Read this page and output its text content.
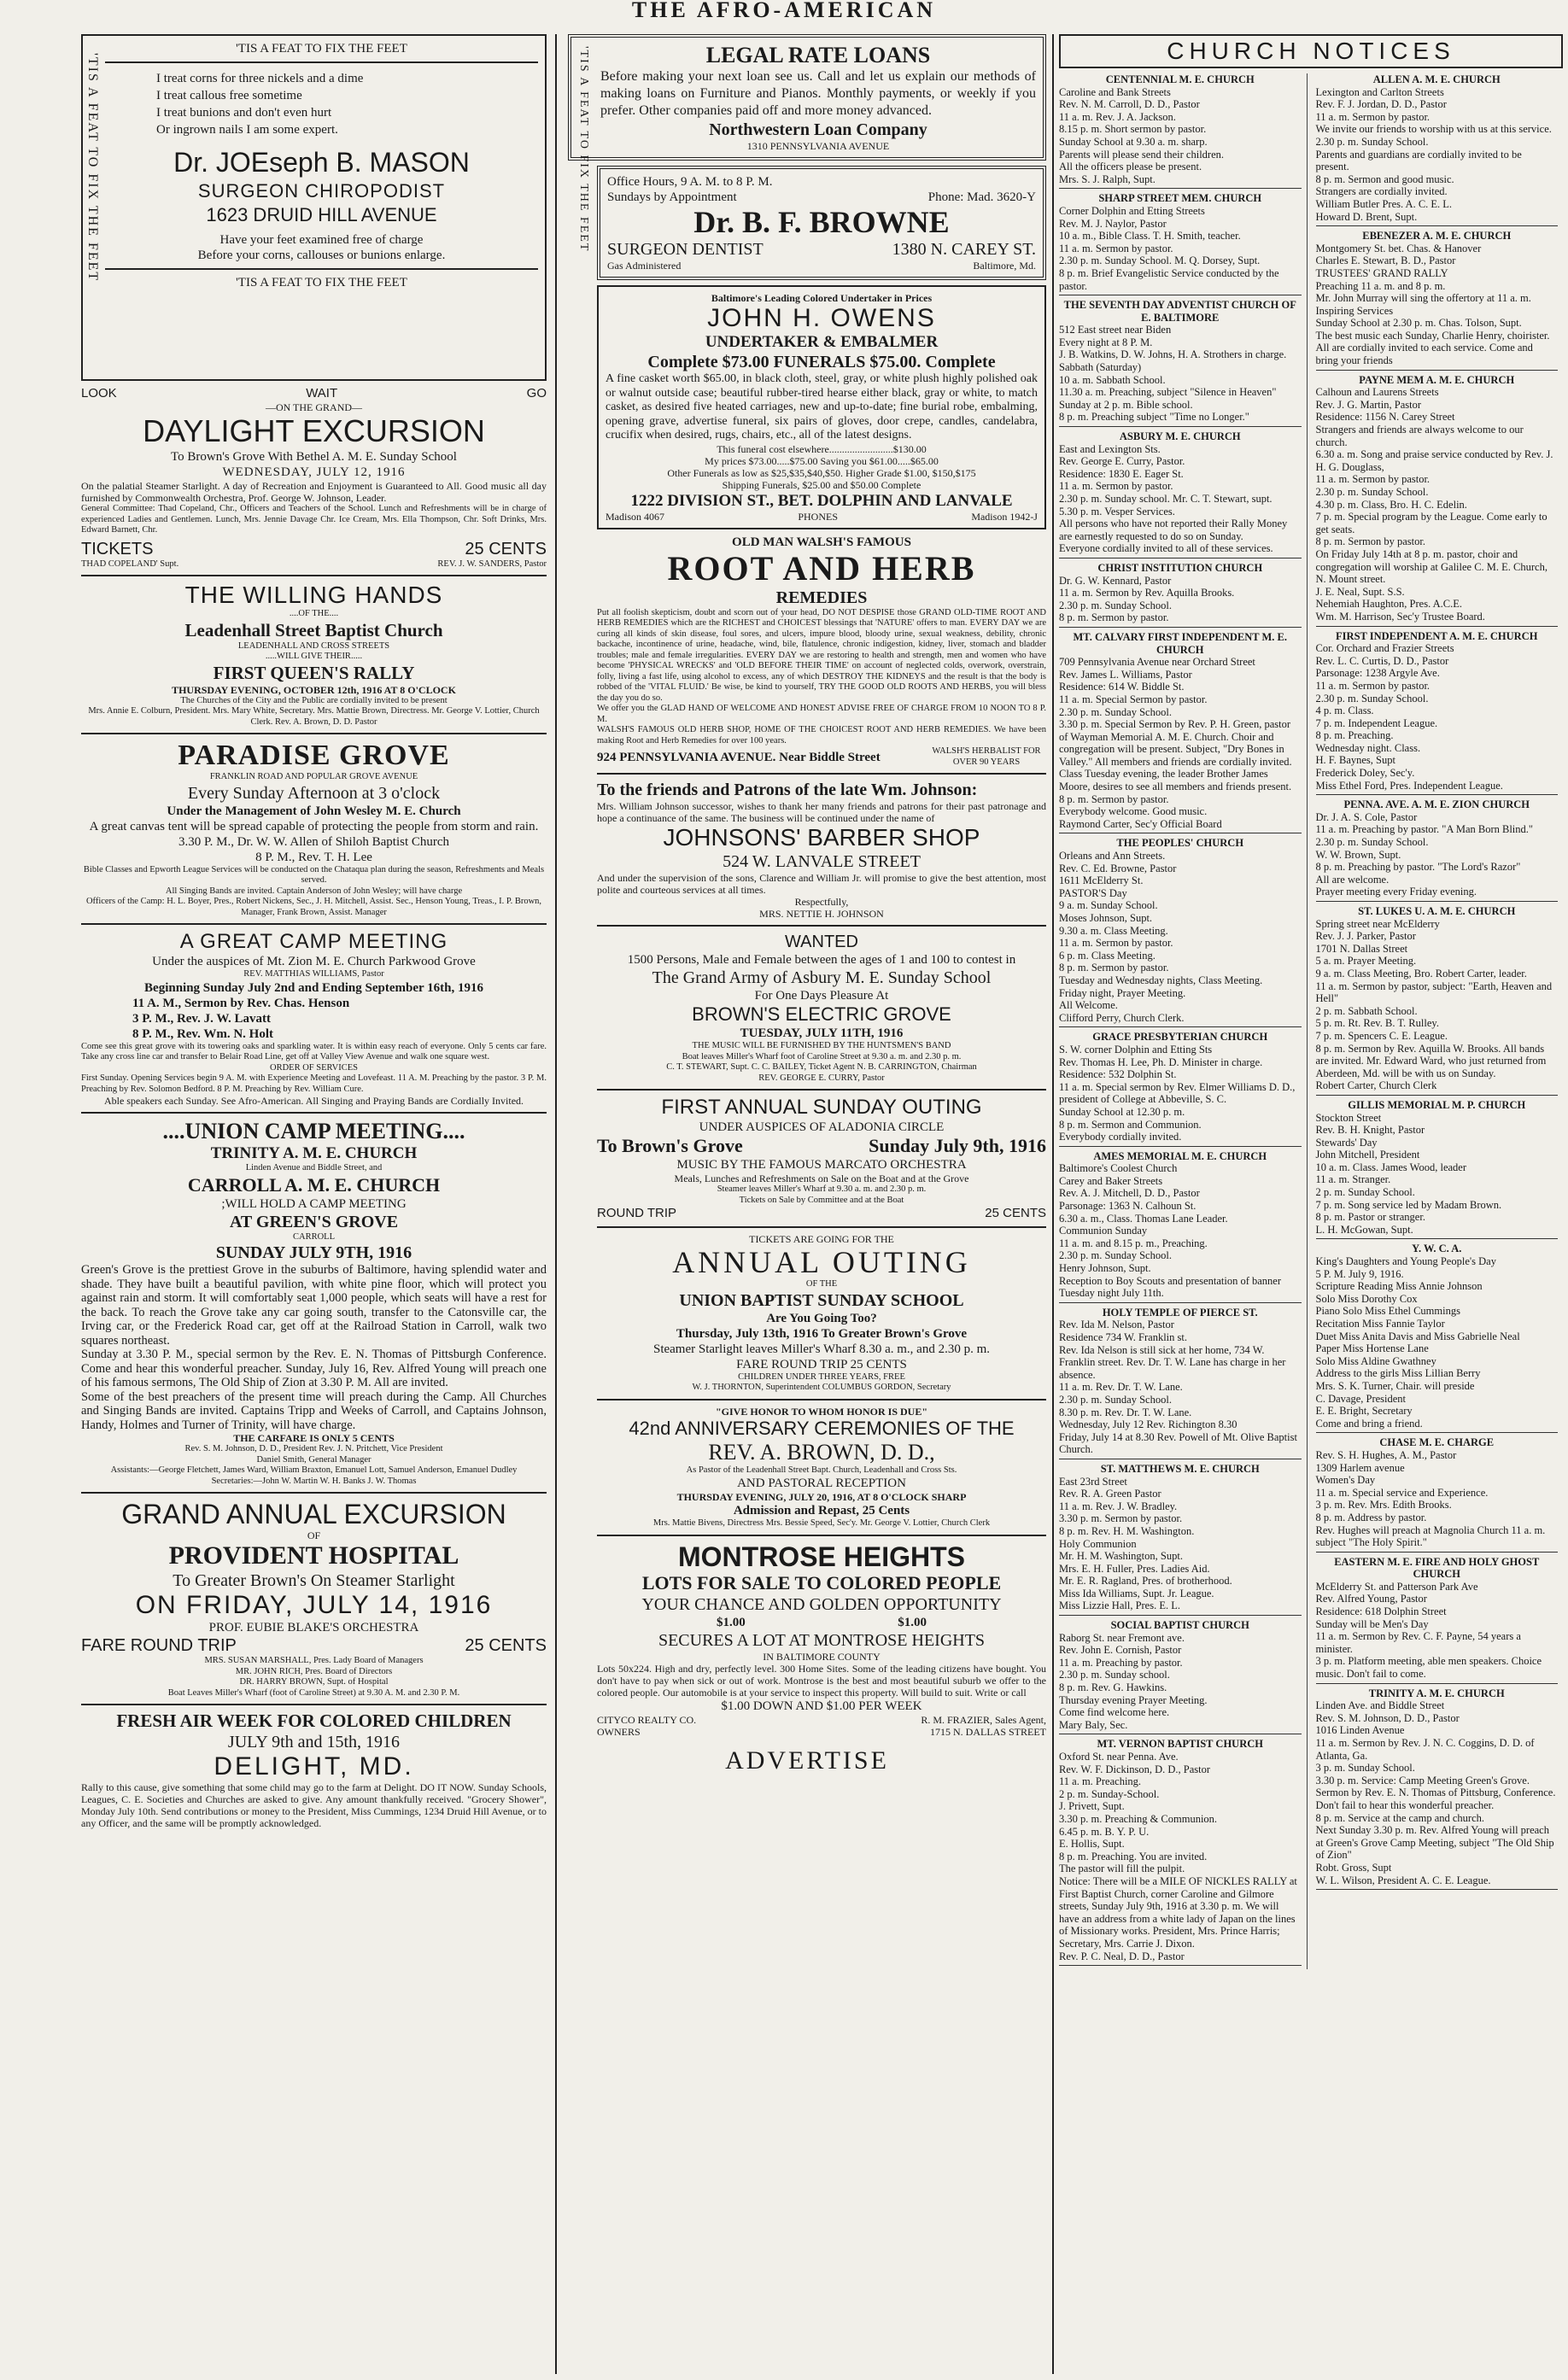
THE AFRO-AMERICAN
'TIS A FEAT TO FIX THE FEET
'TIS A FEAT TO FIX THE FEET
I treat corns for three nickels and a dime
I treat callous free sometime
I treat bunions and don't even hurt
Or ingrown nails I am some expert.
Dr. JOEseph B. MASON
SURGEON CHIROPODIST
1623 DRUID HILL AVENUE
Have your feet examined free of charge
Before your corns, callouses or bunions enlarge.
'TIS A FEAT TO FIX THE FEET
LOOK	WAIT	GO
—ON THE GRAND—
DAYLIGHT EXCURSION
To Brown's Grove With Bethel A. M. E. Sunday School
WEDNESDAY, JULY 12, 1916
On the palatial Steamer Starlight. A day of Recreation and Enjoyment is Guaranteed to All. Good music all day furnished by Commonwealth Orchestra, Prof. George W. Johnson, Leader.
General Committee: Thad Copeland, Chr., Officers and Teachers of the School. Lunch and Refreshments will be in charge of experienced Ladies and Gentlemen. Lunch, Mrs. Jennie Davage Chr. Ice Cream, Mrs. Ella Thompson, Chr. Soft Drinks, Mrs. Edward Barnett, Chr.
TICKETS	25 CENTS
THAD COPELAND' Supt.	REV. J. W. SANDERS, Pastor
THE WILLING HANDS
....OF THE....
Leadenhall Street Baptist Church
LEADENHALL AND CROSS STREETS
.....WILL GIVE THEIR.....
FIRST QUEEN'S RALLY
THURSDAY EVENING, OCTOBER 12th, 1916 AT 8 O'CLOCK
The Churches of the City and the Public are cordially invited to be present
Mrs. Annie E. Colburn, President. Mrs. Mary White, Secretary. Mrs. Mattie Brown, Directress. Mr. George V. Lottier, Church Clerk. Rev. A. Brown, D. D. Pastor
PARADISE GROVE
FRANKLIN ROAD AND POPULAR GROVE AVENUE
Every Sunday Afternoon at 3 o'clock
Under the Management of John Wesley M. E. Church
A great canvas tent will be spread capable of protecting the people from storm and rain.
3.30 P. M., Dr. W. W. Allen of Shiloh Baptist Church
8 P. M., Rev. T. H. Lee
Bible Classes and Epworth League Services will be conducted on the Chataqua plan during the season, Refreshments and Meals served.
All Singing Bands are invited. Captain Anderson of John Wesley; will have charge
Officers of the Camp: H. L. Boyer, Pres., Robert Nickens, Sec., J. H. Mitchell, Assist. Sec., Henson Young, Treas., I. P. Brown, Manager, Frank Brown, Assist. Manager
A GREAT CAMP MEETING
Under the auspices of Mt. Zion M. E. Church Parkwood Grove
REV. MATTHIAS WILLIAMS, Pastor
Beginning Sunday July 2nd and Ending September 16th, 1916
11 A. M., Sermon by Rev. Chas. Henson
3 P. M., Rev. J. W. Lavatt
8 P. M., Rev. Wm. N. Holt
Come see this great grove with its towering oaks and sparkling water. It is within easy reach of everyone. Only 5 cents car fare. Take any cross line car and transfer to Belair Road Line, get off at Valley View Avenue and walk one square west.
ORDER OF SERVICES
First Sunday. Opening Services begin 9 A. M. with Experience Meeting and Lovefeast. 11 A. M. Preaching by the pastor. 3 P. M. Preaching by Rev. Solomon Bedford. 8 P. M. Preaching by Rev. William Cure.
Able speakers each Sunday. See Afro-American. All Singing and Praying Bands are Cordially Invited.
....UNION CAMP MEETING....
TRINITY A. M. E. CHURCH
Linden Avenue and Biddle Street, and
CARROLL A. M. E. CHURCH
;WILL HOLD A CAMP MEETING
AT GREEN'S GROVE
CARROLL
SUNDAY JULY 9TH, 1916
Green's Grove is the prettiest Grove in the suburbs of Baltimore, having splendid water and shade. They have built a beautiful pavilion, with white pine floor, which will protect you against rain and storm. It will comfortably seat 1,000 people, which seats will have a rest for the back. To reach the Grove take any car going south, transfer to the Catonsville car, the Irving car, or the Frederick Road car, get off at the Railroad Station in Carroll, walk two squares northeast.
Sunday at 3.30 P. M., special sermon by the Rev. E. N. Thomas of Pittsburgh Conference. Come and hear this wonderful preacher. Sunday, July 16, Rev. Alfred Young will preach one of his famous sermons, The Old Ship of Zion at 3.30 P. M. All are invited.
Some of the best preachers of the present time will preach during the Camp. All Churches and Singing Bands are invited. Captains Tripp and Weeks of Carroll, and Captains Johnson, Handy, Holmes and Turner of Trinity, will have charge.
THE CARFARE IS ONLY 5 CENTS
Rev. S. M. Johnson, D. D., President Rev. J. N. Pritchett, Vice President
Daniel Smith, General Manager
Assistants:—George Fletchett, James Ward, William Braxton, Emanuel Lott, Samuel Anderson, Emanuel Dudley
Secretaries:—John W. Martin W. H. Banks J. W. Thomas
GRAND ANNUAL EXCURSION
OF
PROVIDENT HOSPITAL
To Greater Brown's On Steamer Starlight
ON FRIDAY, JULY 14, 1916
PROF. EUBIE BLAKE'S ORCHESTRA
FARE ROUND TRIP	25 CENTS
MRS. SUSAN MARSHALL, Pres. Lady Board of Managers
MR. JOHN RICH, Pres. Board of Directors
DR. HARRY BROWN, Supt. of Hospital
Boat Leaves Miller's Wharf (foot of Caroline Street) at 9.30 A. M. and 2.30 P. M.
FRESH AIR WEEK FOR COLORED CHILDREN
JULY 9th and 15th, 1916
DELIGHT, MD.
Rally to this cause, give something that some child may go to the farm at Delight. DO IT NOW. Sunday Schools, Leagues, C. E. Societies and Churches are asked to give. Any amount thankfully received. "Grocery Shower", Monday July 10th. Send contributions or money to the President, Miss Cummings, 1234 Druid Hill Avenue, or to any Officer, and the same will be promptly acknowledged.
'TIS A FEAT TO FIX THE FEET	LEGAL RATE LOANS
Before making your next loan see us. Call and let us explain our methods of making loans on Furniture and Pianos. Monthly payments, or weekly if you prefer. Other companies paid off and more money advanced.
Northwestern Loan Company
1310 PENNSYLVANIA AVENUE
Office Hours, 9 A. M. to 8 P. M.
Sundays by Appointment	Phone: Mad. 3620-Y
Dr. B. F. BROWNE
SURGEON DENTIST	1380 N. CAREY ST.
Gas Administered	Baltimore, Md.
Baltimore's Leading Colored Undertaker in Prices
JOHN H. OWENS
UNDERTAKER & EMBALMER
Complete $73.00 FUNERALS $75.00. Complete
A fine casket worth $65.00, in black cloth, steel, gray, or white plush highly polished oak or walnut outside case; beautiful rubber-tired hearse either black, gray or white, to match casket, as desired five heated carriages, new and up-to-date; fine burial robe, embalming, opening grave, advertise funeral, six pairs of gloves, door crepe, candles, candelabra, crucifix when desired, rugs, chairs, etc., all of the latest designs.
This funeral cost elsewhere.........................$130.00
My prices $73.00.....$75.00 Saving you $61.00.....$65.00
Other Funerals as low as $25,$35,$40,$50. Higher Grade $1.00, $150,$175
Shipping Funerals, $25.00 and $50.00 Complete
1222 DIVISION ST., BET. DOLPHIN AND LANVALE
Madison 4067	PHONES	Madison 1942-J
OLD MAN WALSH'S FAMOUS
ROOT AND HERB
REMEDIES
Put all foolish skepticism, doubt and scorn out of your head, DO NOT DESPISE those GRAND OLD-TIME ROOT AND HERB REMEDIES which are the RICHEST and CHOICEST blessings that 'NATURE' offers to man. EVERY DAY we are curing all kinds of skin disease, foul sores, and ulcers, impure blood, bloody urine, sexual weakness, debility, chronic backache, incontinence of urine, headache, wind, bile, flatulence, chronic indigestion, kidney, liver, stomach and bladder troubles; male and female irregularities. EVERY DAY we are restoring to health and strength, men and women who have become 'PHYSICAL WRECKS' and 'OLD BEFORE THEIR TIME' on account of neglected colds, overwork, overstrain, folly, living a fast life, using alcohol to excess, any of which DESTROY THE KIDNEYS and the result is that the body is robbed of the 'VITAL FLUID.' Be wise, be kind to yourself, TRY THE GOOD OLD ROOTS AND HERBS, you will bless the day you do so.
We offer you the GLAD HAND OF WELCOME AND HONEST ADVISE FREE OF CHARGE FROM 10 NOON TO 8 P. M.
WALSH'S FAMOUS OLD HERB SHOP, HOME OF THE CHOICEST ROOT AND HERB REMEDIES. We have been making Root and Herb Remedies for over 100 years.
924 PENNSYLVANIA AVENUE. Near Biddle Street	WALSH'S HERBALIST FOR OVER 90 YEARS
To the friends and Patrons of the late Wm. Johnson:
Mrs. William Johnson successor, wishes to thank her many friends and patrons for their past patronage and hope a continuance of the same. The business will be continued under the name of
JOHNSONS' BARBER SHOP
524 W. LANVALE STREET
And under the supervision of the sons, Clarence and William Jr. will promise to give the best attention, most polite and courteous services at all times.
Respectfully,
MRS. NETTIE H. JOHNSON
WANTED
1500 Persons, Male and Female between the ages of 1 and 100 to contest in
The Grand Army of Asbury M. E. Sunday School
For One Days Pleasure At
BROWN'S ELECTRIC GROVE
TUESDAY, JULY 11TH, 1916
THE MUSIC WILL BE FURNISHED BY THE HUNTSMEN'S BAND
Boat leaves Miller's Wharf foot of Caroline Street at 9.30 a. m. and 2.30 p. m.
C. T. STEWART, Supt. C. C. BAILEY, Ticket Agent N. B. CARRINGTON, Chairman
REV. GEORGE E. CURRY, Pastor
FIRST ANNUAL SUNDAY OUTING
UNDER AUSPICES OF ALADONIA CIRCLE
To Brown's Grove	Sunday July 9th, 1916
MUSIC BY THE FAMOUS MARCATO ORCHESTRA
Meals, Lunches and Refreshments on Sale on the Boat and at the Grove
Steamer leaves Miller's Wharf at 9.30 a. m. and 2.30 p. m.
Tickets on Sale by Committee and at the Boat
ROUND TRIP	25 CENTS
TICKETS ARE GOING FOR THE
ANNUAL OUTING
OF THE
UNION BAPTIST SUNDAY SCHOOL
Are You Going Too?
Thursday, July 13th, 1916 To Greater Brown's Grove
Steamer Starlight leaves Miller's Wharf 8.30 a. m., and 2.30 p. m.
FARE ROUND TRIP 25 CENTS
CHILDREN UNDER THREE YEARS, FREE
W. J. THORNTON, Superintendent COLUMBUS GORDON, Secretary
"GIVE HONOR TO WHOM HONOR IS DUE"
42nd ANNIVERSARY CEREMONIES OF THE
REV. A. BROWN, D. D.,
As Pastor of the Leadenhall Street Bapt. Church, Leadenhall and Cross Sts.
AND PASTORAL RECEPTION
THURSDAY EVENING, JULY 20, 1916, AT 8 O'CLOCK SHARP
Admission and Repast, 25 Cents
Mrs. Mattie Bivens, Directress Mrs. Bessie Speed, Sec'y. Mr. George V. Lottier, Church Clerk
MONTROSE HEIGHTS
LOTS FOR SALE TO COLORED PEOPLE
YOUR CHANCE AND GOLDEN OPPORTUNITY
$1.00	$1.00
SECURES A LOT AT MONTROSE HEIGHTS
IN BALTIMORE COUNTY
Lots 50x224. High and dry, perfectly level. 300 Home Sites. Some of the leading citizens have bought. You don't have to pay when sick or out of work. Montrose is the best and most beautiful suburb we offer to the colored people. Our automobile is at your service to inspect this property. Will build to suit. Write or call
$1.00 DOWN AND $1.00 PER WEEK
CITYCO REALTY CO.	R. M. FRAZIER, Sales Agent,
OWNERS	1715 N. DALLAS STREET
ADVERTISE
CHURCH NOTICES
CENTENNIAL M. E. CHURCH
Caroline and Bank Streets
Rev. N. M. Carroll, D. D., Pastor
11 a. m. Rev. J. A. Jackson.
8.15 p. m. Short sermon by pastor.
Sunday School at 9.30 a. m. sharp.
Parents will please send their children.
All the officers please be present.
Mrs. S. J. Ralph, Supt.
SHARP STREET MEM. CHURCH
Corner Dolphin and Etting Streets
Rev. M. J. Naylor, Pastor
10 a. m., Bible Class. T. H. Smith, teacher.
11 a. m. Sermon by pastor.
2.30 p. m. Sunday School. M. Q. Dorsey, Supt.
8 p. m. Brief Evangelistic Service conducted by the pastor.
THE SEVENTH DAY ADVENTIST CHURCH OF E. BALTIMORE
512 East street near Biden
Every night at 8 P. M.
J. B. Watkins, D. W. Johns, H. A. Strothers in charge.
Sabbath (Saturday)
10 a. m. Sabbath School.
11.30 a. m. Preaching, subject "Silence in Heaven"
Sunday at 2 p. m. Bible school.
8 p. m. Preaching subject "Time no Longer."
ASBURY M. E. CHURCH
East and Lexington Sts.
Rev. George E. Curry, Pastor.
Residence: 1830 E. Eager St.
11 a. m. Sermon by pastor.
2.30 p. m. Sunday school. Mr. C. T. Stewart, supt.
5.30 p. m. Vesper Services.
All persons who have not reported their Rally Money are earnestly requested to do so on Sunday.
Everyone cordially invited to all of these services.
CHRIST INSTITUTION CHURCH
Dr. G. W. Kennard, Pastor
11 a. m. Sermon by Rev. Aquilla Brooks.
2.30 p. m. Sunday School.
8 p. m. Sermon by pastor.
MT. CALVARY FIRST INDEPENDENT M. E. CHURCH
709 Pennsylvania Avenue near Orchard Street
Rev. James L. Williams, Pastor
Residence: 614 W. Biddle St.
11 a. m. Special Sermon by pastor.
2.30 p. m. Sunday School.
3.30 p. m. Special Sermon by Rev. P. H. Green, pastor of Wayman Memorial A. M. E. Church. Choir and congregation will be present. Subject, "Dry Bones in Valley." All members and friends are cordially invited.
Class Tuesday evening, the leader Brother James Moore, desires to see all members and friends present.
8 p. m. Sermon by pastor.
Everybody welcome. Good music.
Raymond Carter, Sec'y Official Board
THE PEOPLES' CHURCH
Orleans and Ann Streets.
Rev. C. Ed. Browne, Pastor
1611 McElderry St.
PASTOR'S Day
9 a. m. Sunday School.
Moses Johnson, Supt.
9.30 a. m. Class Meeting.
11 a. m. Sermon by pastor.
6 p. m. Class Meeting.
8 p. m. Sermon by pastor.
Tuesday and Wednesday nights, Class Meeting.
Friday night, Prayer Meeting.
All Welcome.
Clifford Perry, Church Clerk.
GRACE PRESBYTERIAN CHURCH
S. W. corner Dolphin and Etting Sts
Rev. Thomas H. Lee, Ph. D. Minister in charge. Residence: 532 Dolphin St.
11 a. m. Special sermon by Rev. Elmer Williams D. D., president of College at Abbeville, S. C.
Sunday School at 12.30 p. m.
8 p. m. Sermon and Communion.
Everybody cordially invited.
AMES MEMORIAL M. E. CHURCH
Baltimore's Coolest Church
Carey and Baker Streets
Rev. A. J. Mitchell, D. D., Pastor
Parsonage: 1363 N. Calhoun St.
6.30 a. m., Class. Thomas Lane Leader.
Communion Sunday
11 a. m. and 8.15 p. m., Preaching.
2.30 p. m. Sunday School.
Henry Johnson, Supt.
Reception to Boy Scouts and presentation of banner Tuesday night July 11th.
HOLY TEMPLE OF PIERCE ST.
Rev. Ida M. Nelson, Pastor
Residence 734 W. Franklin st.
Rev. Ida Nelson is still sick at her home, 734 W. Franklin street. Rev. Dr. T. W. Lane has charge in her absence.
11 a. m. Rev. Dr. T. W. Lane.
2.30 p. m. Sunday School.
8.30 p. m. Rev. Dr. T. W. Lane.
Wednesday, July 12 Rev. Richington 8.30
Friday, July 14 at 8.30 Rev. Powell of Mt. Olive Baptist Church.
ST. MATTHEWS M. E. CHURCH
East 23rd Street
Rev. R. A. Green Pastor
11 a. m. Rev. J. W. Bradley.
3.30 p. m. Sermon by pastor.
8 p. m. Rev. H. M. Washington.
Holy Communion
Mr. H. M. Washington, Supt.
Mrs. E. H. Fuller, Pres. Ladies Aid.
Mr. E. R. Ragland, Pres. of brotherhood.
Miss Ida Williams, Supt. Jr. League.
Miss Lizzie Hall, Pres. E. L.
SOCIAL BAPTIST CHURCH
Raborg St. near Fremont ave.
Rev. John E. Cornish, Pastor
11 a. m. Preaching by pastor.
2.30 p. m. Sunday school.
8 p. m. Rev. G. Hawkins.
Thursday evening Prayer Meeting.
Come find welcome here.
Mary Baly, Sec.
MT. VERNON BAPTIST CHURCH
Oxford St. near Penna. Ave.
Rev. W. F. Dickinson, D. D., Pastor
11 a. m. Preaching.
2 p. m. Sunday-School.
J. Privett, Supt.
3.30 p. m. Preaching & Communion.
6.45 p. m. B. Y. P. U.
E. Hollis, Supt.
8 p. m. Preaching. You are invited.
The pastor will fill the pulpit.
Notice: There will be a MILE OF NICKLES RALLY at First Baptist Church, corner Caroline and Gilmore streets, Sunday July 9th, 1916 at 3.30 p. m. We will have an address from a white lady of Japan on the lines of Missionary works. President, Mrs. Prince Harris; Secretary, Mrs. Carrie J. Dixon.
Rev. P. C. Neal, D. D., Pastor
ALLEN A. M. E. CHURCH
Lexington and Carlton Streets
Rev. F. J. Jordan, D. D., Pastor
11 a. m. Sermon by pastor.
We invite our friends to worship with us at this service.
2.30 p. m. Sunday School.
Parents and guardians are cordially invited to be present.
8 p. m. Sermon and good music.
Strangers are cordially invited.
William Butler Pres. A. C. E. L.
Howard D. Brent, Supt.
EBENEZER A. M. E. CHURCH
Montgomery St. bet. Chas. & Hanover
Charles E. Stewart, B. D., Pastor
TRUSTEES' GRAND RALLY
Preaching 11 a. m. and 8 p. m.
Mr. John Murray will sing the offertory at 11 a. m.
Inspiring Services
Sunday School at 2.30 p. m. Chas. Tolson, Supt.
The best music each Sunday, Charlie Henry, choirister.
All are cordially invited to each service. Come and bring your friends
PAYNE MEM A. M. E. CHURCH
Calhoun and Laurens Streets
Rev. J. G. Martin, Pastor
Residence: 1156 N. Carey Street
Strangers and friends are always welcome to our church.
6.30 a. m. Song and praise service conducted by Rev. J. H. G. Douglass,
11 a. m. Sermon by pastor.
2.30 p. m. Sunday School.
4.30 p. m. Class, Bro. H. C. Edelin.
7 p. m. Special program by the League. Come early to get seats.
8 p. m. Sermon by pastor.
On Friday July 14th at 8 p. m. pastor, choir and congregation will worship at Galilee C. M. E. Church, N. Mount street.
J. E. Neal, Supt. S.S.
Nehemiah Haughton, Pres. A.C.E.
Wm. M. Harrison, Sec'y Trustee Board.
FIRST INDEPENDENT A. M. E. CHURCH
Cor. Orchard and Frazier Streets
Rev. L. C. Curtis, D. D., Pastor
Parsonage: 1238 Argyle Ave.
11 a. m. Sermon by pastor.
2.30 p. m. Sunday School.
4 p. m. Class.
7 p. m. Independent League.
8 p. m. Preaching.
Wednesday night. Class.
H. F. Baynes, Supt
Frederick Doley, Sec'y.
Miss Ethel Ford, Pres. Independent League.
PENNA. AVE. A. M. E. ZION CHURCH
Dr. J. A. S. Cole, Pastor
11 a. m. Preaching by pastor. "A Man Born Blind."
2.30 p. m. Sunday School.
W. W. Brown, Supt.
8 p. m. Preaching by pastor. "The Lord's Razor"
All are welcome.
Prayer meeting every Friday evening.
ST. LUKES U. A. M. E. CHURCH
Spring street near McElderry
Rev. J. J. Parker, Pastor
1701 N. Dallas Street
5 a. m. Prayer Meeting.
9 a. m. Class Meeting, Bro. Robert Carter, leader.
11 a. m. Sermon by pastor, subject: "Earth, Heaven and Hell"
2 p. m. Sabbath School.
5 p. m. Rt. Rev. B. T. Rulley.
7 p. m. Spencers C. E. League.
8 p. m. Sermon by Rev. Aquilla W. Brooks. All bands are invited. Mr. Edward Ward, who just returned from Aberdeen, Md. will be with us on Sunday.
Robert Carter, Church Clerk
GILLIS MEMORIAL M. P. CHURCH
Stockton Street
Rev. B. H. Knight, Pastor
Stewards' Day
John Mitchell, President
10 a. m. Class. James Wood, leader
11 a. m. Stranger.
2 p. m. Sunday School.
7 p. m. Song service led by Madam Brown.
8 p. m. Pastor or stranger.
L. H. McGowan, Supt.
Y. W. C. A.
King's Daughters and Young People's Day
5 P. M. July 9, 1916.
Scripture Reading Miss Annie Johnson
Solo Miss Dorothy Cox
Piano Solo Miss Ethel Cummings
Recitation Miss Fannie Taylor
Duet Miss Anita Davis and Miss Gabrielle Neal
Paper Miss Hortense Lane
Solo Miss Aldine Gwathney
Address to the girls Miss Lillian Berry
Mrs. S. K. Turner, Chair. will preside
C. Davage, President
E. E. Bright, Secretary
Come and bring a friend.
CHASE M. E. CHARGE
Rev. S. H. Hughes, A. M., Pastor
1309 Harlem avenue
Women's Day
11 a. m. Special service and Experience.
3 p. m. Rev. Mrs. Edith Brooks.
8 p. m. Address by pastor.
Rev. Hughes will preach at Magnolia Church 11 a. m. subject "The Holy Spirit."
EASTERN M. E. FIRE AND HOLY GHOST CHURCH
McElderry St. and Patterson Park Ave
Rev. Alfred Young, Pastor
Residence: 618 Dolphin Street
Sunday will be Men's Day
11 a. m. Sermon by Rev. C. F. Payne, 54 years a minister.
3 p. m. Platform meeting, able men speakers. Choice music. Don't fail to come.
TRINITY A. M. E. CHURCH
Linden Ave. and Biddle Street
Rev. S. M. Johnson, D. D., Pastor
1016 Linden Avenue
11 a. m. Sermon by Rev. J. N. C. Coggins, D. D. of Atlanta, Ga.
3 p. m. Sunday School.
3.30 p. m. Service: Camp Meeting Green's Grove. Sermon by Rev. E. N. Thomas of Pittsburg, Conference. Don't fail to hear this wonderful preacher.
8 p. m. Service at the camp and church.
Next Sunday 3.30 p. m. Rev. Alfred Young will preach at Green's Grove Camp Meeting, subject "The Old Ship of Zion"
Robt. Gross, Supt
W. L. Wilson, President A. C. E. League.
